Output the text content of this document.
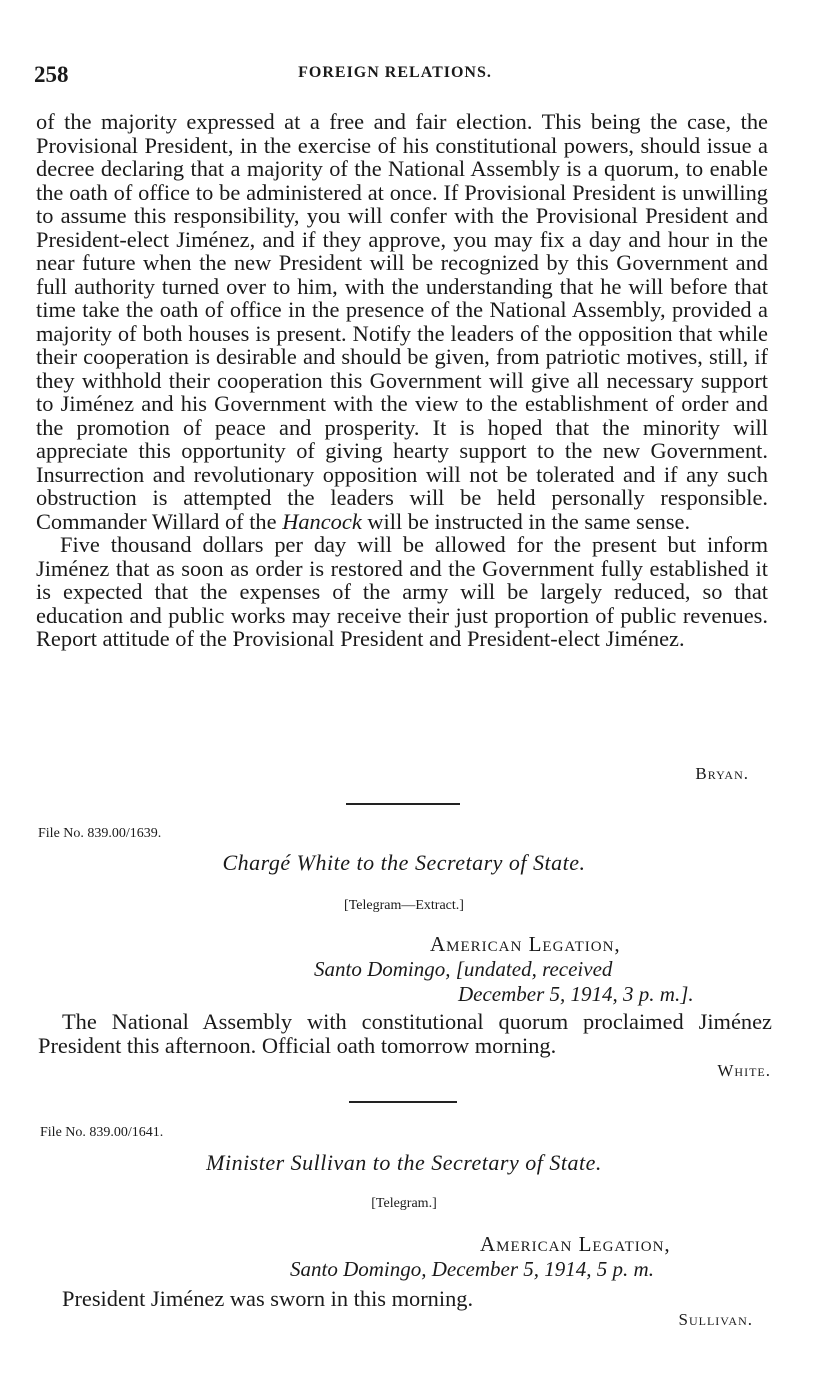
258	FOREIGN RELATIONS.

of the majority expressed at a free and fair election. This being the case, the Provisional President, in the exercise of his constitutional powers, should issue a decree declaring that a majority of the National Assembly is a quorum, to enable the oath of office to be administered at once. If Provisional President is unwilling to assume this responsibility, you will confer with the Provisional President and President-elect Jiménez, and if they approve, you may fix a day and hour in the near future when the new President will be recognized by this Government and full authority turned over to him, with the understanding that he will before that time take the oath of office in the presence of the National Assembly, provided a majority of both houses is present. Notify the leaders of the opposition that while their cooperation is desirable and should be given, from patriotic motives, still, if they withhold their cooperation this Government will give all necessary support to Jiménez and his Government with the view to the establishment of order and the promotion of peace and prosperity. It is hoped that the minority will appreciate this opportunity of giving hearty support to the new Government. Insurrection and revolutionary opposition will not be tolerated and if any such obstruction is attempted the leaders will be held personally responsible. Commander Willard of the Hancock will be instructed in the same sense.

Five thousand dollars per day will be allowed for the present but inform Jiménez that as soon as order is restored and the Government fully established it is expected that the expenses of the army will be largely reduced, so that education and public works may receive their just proportion of public revenues. Report attitude of the Provisional President and President-elect Jiménez.

Bryan.
File No. 839.00/1639.
Chargé White to the Secretary of State.
[Telegram—Extract.]
American Legation,
Santo Domingo, [undated, received
December 5, 1914, 3 p. m.].

The National Assembly with constitutional quorum proclaimed Jiménez President this afternoon. Official oath tomorrow morning.

White.
File No. 839.00/1641.
Minister Sullivan to the Secretary of State.
[Telegram.]
American Legation,
Santo Domingo, December 5, 1914, 5 p. m.

President Jiménez was sworn in this morning.

Sullivan.
